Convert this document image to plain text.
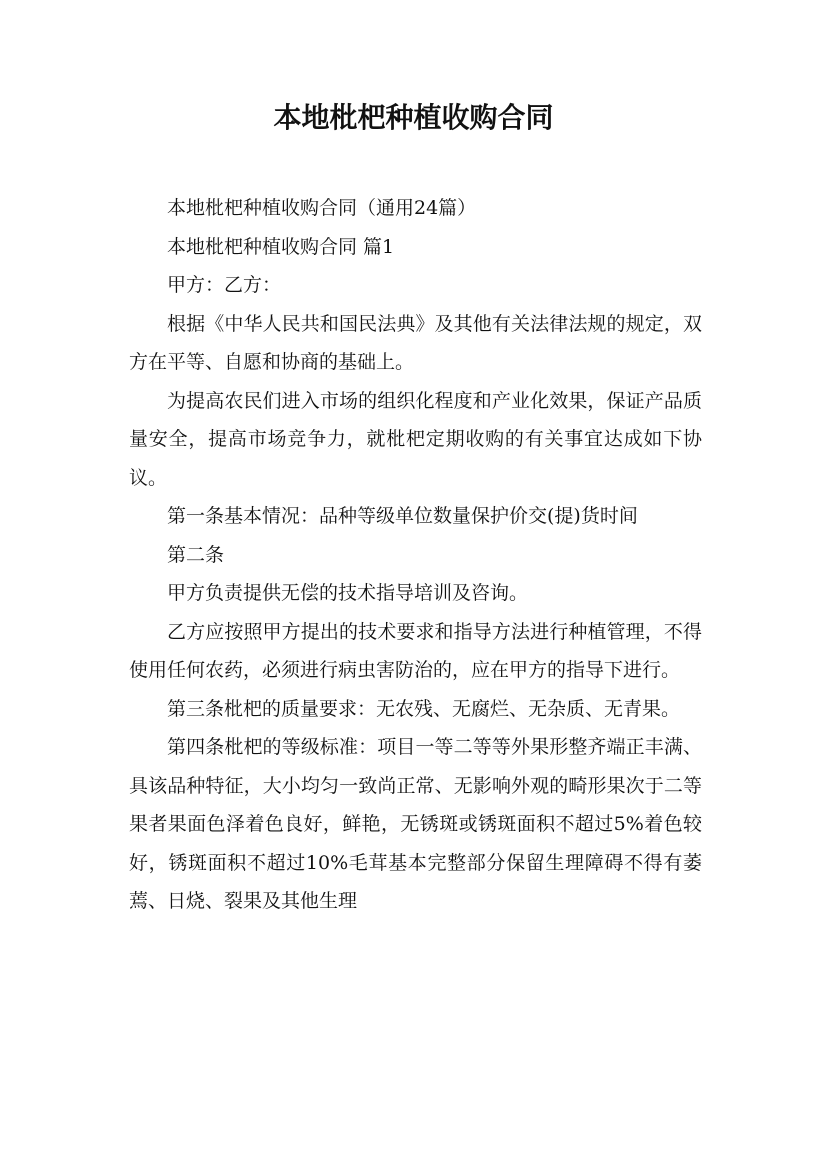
本地枇杷种植收购合同

本地枇杷种植收购合同（通用24篇）

本地枇杷种植收购合同 篇1

甲方：乙方：

根据《中华人民共和国民法典》及其他有关法律法规的规定，双方在平等、自愿和协商的基础上。

为提高农民们进入市场的组织化程度和产业化效果，保证产品质量安全，提高市场竞争力，就枇杷定期收购的有关事宜达成如下协议。

第一条基本情况：品种等级单位数量保护价交(提)货时间

第二条

甲方负责提供无偿的技术指导培训及咨询。

乙方应按照甲方提出的技术要求和指导方法进行种植管理，不得使用任何农药，必须进行病虫害防治的，应在甲方的指导下进行。

第三条枇杷的质量要求：无农残、无腐烂、无杂质、无青果。

第四条枇杷的等级标准：项目一等二等等外果形整齐端正丰满、具该品种特征，大小均匀一致尚正常、无影响外观的畸形果次于二等果者果面色泽着色良好，鲜艳，无锈斑或锈斑面积不超过5%着色较好，锈斑面积不超过10%毛茸基本完整部分保留生理障碍不得有萎蔫、日烧、裂果及其他生理
